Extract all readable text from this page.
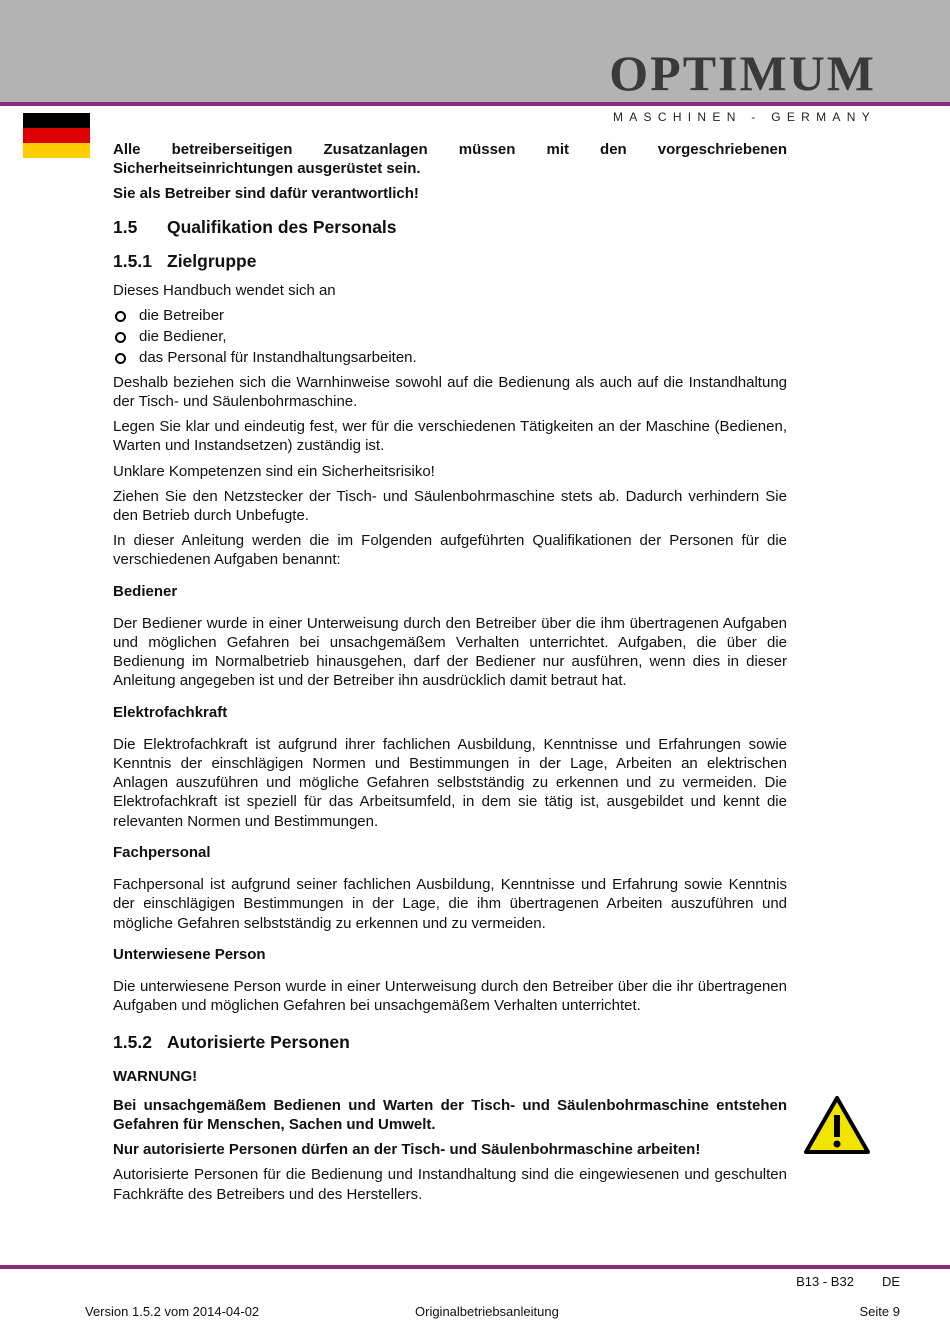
OPTIMUM
MASCHINEN - GERMANY

Alle betreiberseitigen Zusatzanlagen müssen mit den vorgeschriebenen Sicherheitseinrichtungen ausgerüstet sein.

Sie als Betreiber sind dafür verantwortlich!

1.5 Qualifikation des Personals
1.5.1 Zielgruppe

Dieses Handbuch wendet sich an

die Betreiber
die Bediener,
das Personal für Instandhaltungsarbeiten.

Deshalb beziehen sich die Warnhinweise sowohl auf die Bedienung als auch auf die Instandhaltung der Tisch- und Säulenbohrmaschine.

Legen Sie klar und eindeutig fest, wer für die verschiedenen Tätigkeiten an der Maschine (Bedienen, Warten und Instandsetzen) zuständig ist.

Unklare Kompetenzen sind ein Sicherheitsrisiko!

Ziehen Sie den Netzstecker der Tisch- und Säulenbohrmaschine stets ab. Dadurch verhindern Sie den Betrieb durch Unbefugte.

In dieser Anleitung werden die im Folgenden aufgeführten Qualifikationen der Personen für die verschiedenen Aufgaben benannt:

Bediener

Der Bediener wurde in einer Unterweisung durch den Betreiber über die ihm übertragenen Aufgaben und möglichen Gefahren bei unsachgemäßem Verhalten unterrichtet. Aufgaben, die über die Bedienung im Normalbetrieb hinausgehen, darf der Bediener nur ausführen, wenn dies in dieser Anleitung angegeben ist und der Betreiber ihn ausdrücklich damit betraut hat.

Elektrofachkraft

Die Elektrofachkraft ist aufgrund ihrer fachlichen Ausbildung, Kenntnisse und Erfahrungen sowie Kenntnis der einschlägigen Normen und Bestimmungen in der Lage, Arbeiten an elektrischen Anlagen auszuführen und mögliche Gefahren selbstständig zu erkennen und zu vermeiden. Die Elektrofachkraft ist speziell für das Arbeitsumfeld, in dem sie tätig ist, ausgebildet und kennt die relevanten Normen und Bestimmungen.

Fachpersonal

Fachpersonal ist aufgrund seiner fachlichen Ausbildung, Kenntnisse und Erfahrung sowie Kenntnis der einschlägigen Bestimmungen in der Lage, die ihm übertragenen Arbeiten auszuführen und mögliche Gefahren selbstständig zu erkennen und zu vermeiden.

Unterwiesene Person

Die unterwiesene Person wurde in einer Unterweisung durch den Betreiber über die ihr übertragenen Aufgaben und möglichen Gefahren bei unsachgemäßem Verhalten unterrichtet.

1.5.2 Autorisierte Personen
WARNUNG!

Bei unsachgemäßem Bedienen und Warten der Tisch- und Säulenbohrmaschine entstehen Gefahren für Menschen, Sachen und Umwelt.

Nur autorisierte Personen dürfen an der Tisch- und Säulenbohrmaschine arbeiten!

Autorisierte Personen für die Bedienung und Instandhaltung sind die eingewiesenen und geschulten Fachkräfte des Betreibers und des Herstellers.

B13 - B32 DE
Version 1.5.2 vom 2014-04-02	Originalbetriebsanleitung	Seite 9
